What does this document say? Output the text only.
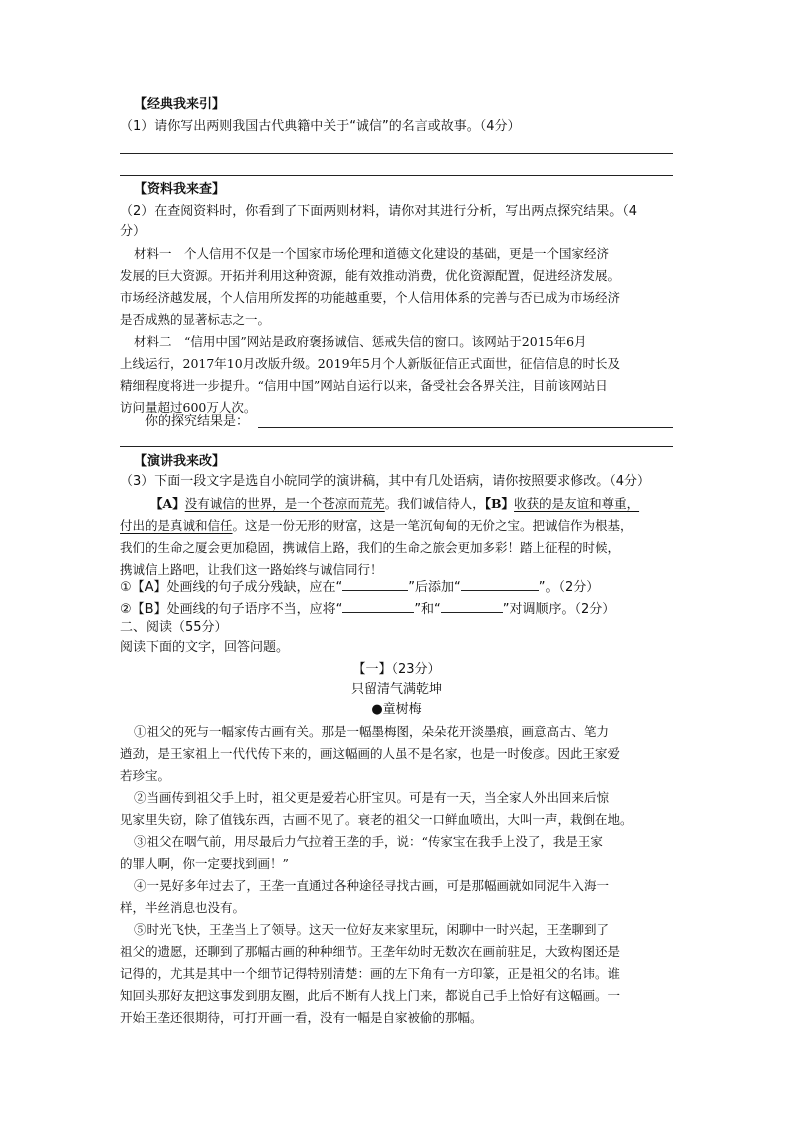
【经典我来引】
（1）请你写出两则我国古代典籍中关于“诚信”的名言或故事。（4分）
【资料我来查】
（2）在查阅资料时，你看到了下面两则材料，请你对其进行分析，写出两点探究结果。（4
分）
材料一　个人信用不仅是一个国家市场伦理和道德文化建设的基础，更是一个国家经济
发展的巨大资源。开拓并利用这种资源，能有效推动消费，优化资源配置，促进经济发展。
市场经济越发展，个人信用所发挥的功能越重要，个人信用体系的完善与否已成为市场经济
是否成熟的显著标志之一。
材料二　“信用中国”网站是政府褒扬诚信、惩戒失信的窗口。该网站于2015年6月
上线运行，2017年10月改版升级。2019年5月个人新版征信正式面世，征信信息的时长及
精细程度将进一步提升。“信用中国”网站自运行以来，备受社会各界关注，目前该网站日
访问量超过600万人次。
你的探究结果是：
【演讲我来改】
（3）下面一段文字是选自小皖同学的演讲稿，其中有几处语病，请你按照要求修改。（4分）
【A】没有诚信的世界，是一个苍凉而荒芜。我们诚信待人，【B】收获的是友谊和尊重，
付出的是真诚和信任。这是一份无形的财富，这是一笔沉甸甸的无价之宝。把诚信作为根基，
我们的生命之厦会更加稳固，携诚信上路，我们的生命之旅会更加多彩！踏上征程的时候，
携诚信上路吧，让我们这一路始终与诚信同行！
①【A】处画线的句子成分残缺，应在“	”后添加“	”。（2分）
②【B】处画线的句子语序不当，应将“	”和“	”对调顺序。（2分）
二、阅读（55分）
阅读下面的文字，回答问题。
【一】（23分）
只留清气满乾坤
●童树梅
①祖父的死与一幅家传古画有关。那是一幅墨梅图，朵朵花开淡墨痕，画意高古、笔力
遒劲，是王家祖上一代代传下来的，画这幅画的人虽不是名家，也是一时俊彦。因此王家爱
若珍宝。
②当画传到祖父手上时，祖父更是爱若心肝宝贝。可是有一天，当全家人外出回来后惊
见家里失窃，除了值钱东西，古画不见了。衰老的祖父一口鲜血喷出，大叫一声，栽倒在地。
③祖父在咽气前，用尽最后力气拉着王垄的手，说：“传家宝在我手上没了，我是王家
的罪人啊，你一定要找到画！”
④一晃好多年过去了，王垄一直通过各种途径寻找古画，可是那幅画就如同泥牛入海一
样，半丝消息也没有。
⑤时光飞快，王垄当上了领导。这天一位好友来家里玩，闲聊中一时兴起，王垄聊到了
祖父的遗愿，还聊到了那幅古画的种种细节。王垄年幼时无数次在画前驻足，大致构图还是
记得的，尤其是其中一个细节记得特别清楚：画的左下角有一方印篆，正是祖父的名讳。谁
知回头那好友把这事发到朋友圈，此后不断有人找上门来，都说自己手上恰好有这幅画。一
开始王垄还很期待，可打开画一看，没有一幅是自家被偷的那幅。
